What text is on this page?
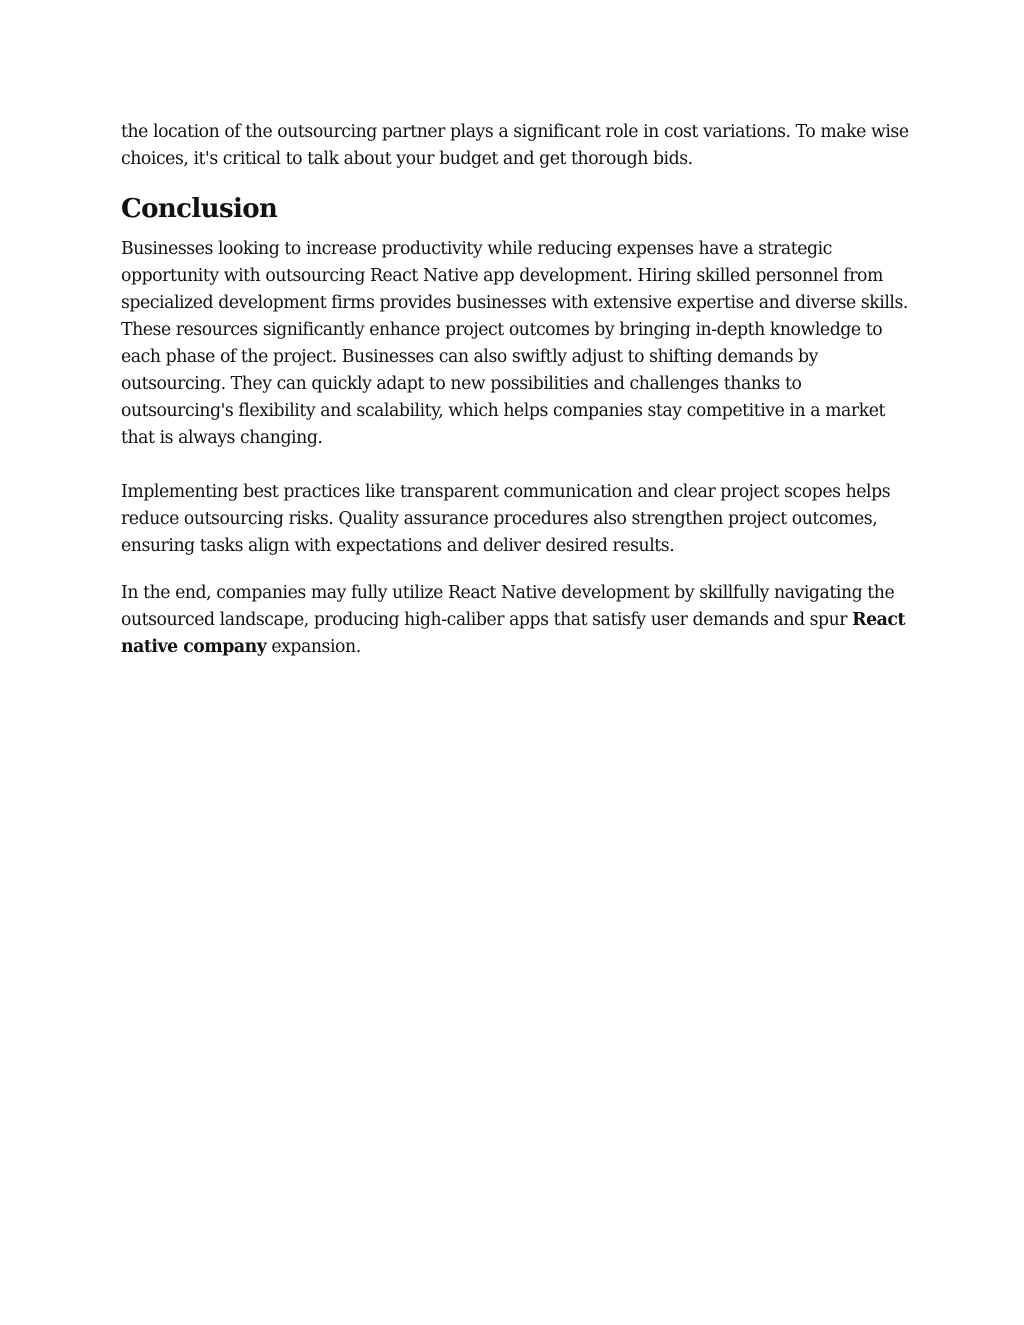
the location of the outsourcing partner plays a significant role in cost variations. To make wise choices, it's critical to talk about your budget and get thorough bids.

Conclusion

Businesses looking to increase productivity while reducing expenses have a strategic opportunity with outsourcing React Native app development. Hiring skilled personnel from specialized development firms provides businesses with extensive expertise and diverse skills. These resources significantly enhance project outcomes by bringing in-depth knowledge to each phase of the project. Businesses can also swiftly adjust to shifting demands by outsourcing. They can quickly adapt to new possibilities and challenges thanks to outsourcing's flexibility and scalability, which helps companies stay competitive in a market that is always changing.

Implementing best practices like transparent communication and clear project scopes helps reduce outsourcing risks. Quality assurance procedures also strengthen project outcomes, ensuring tasks align with expectations and deliver desired results.

In the end, companies may fully utilize React Native development by skillfully navigating the outsourced landscape, producing high-caliber apps that satisfy user demands and spur React native company expansion.
